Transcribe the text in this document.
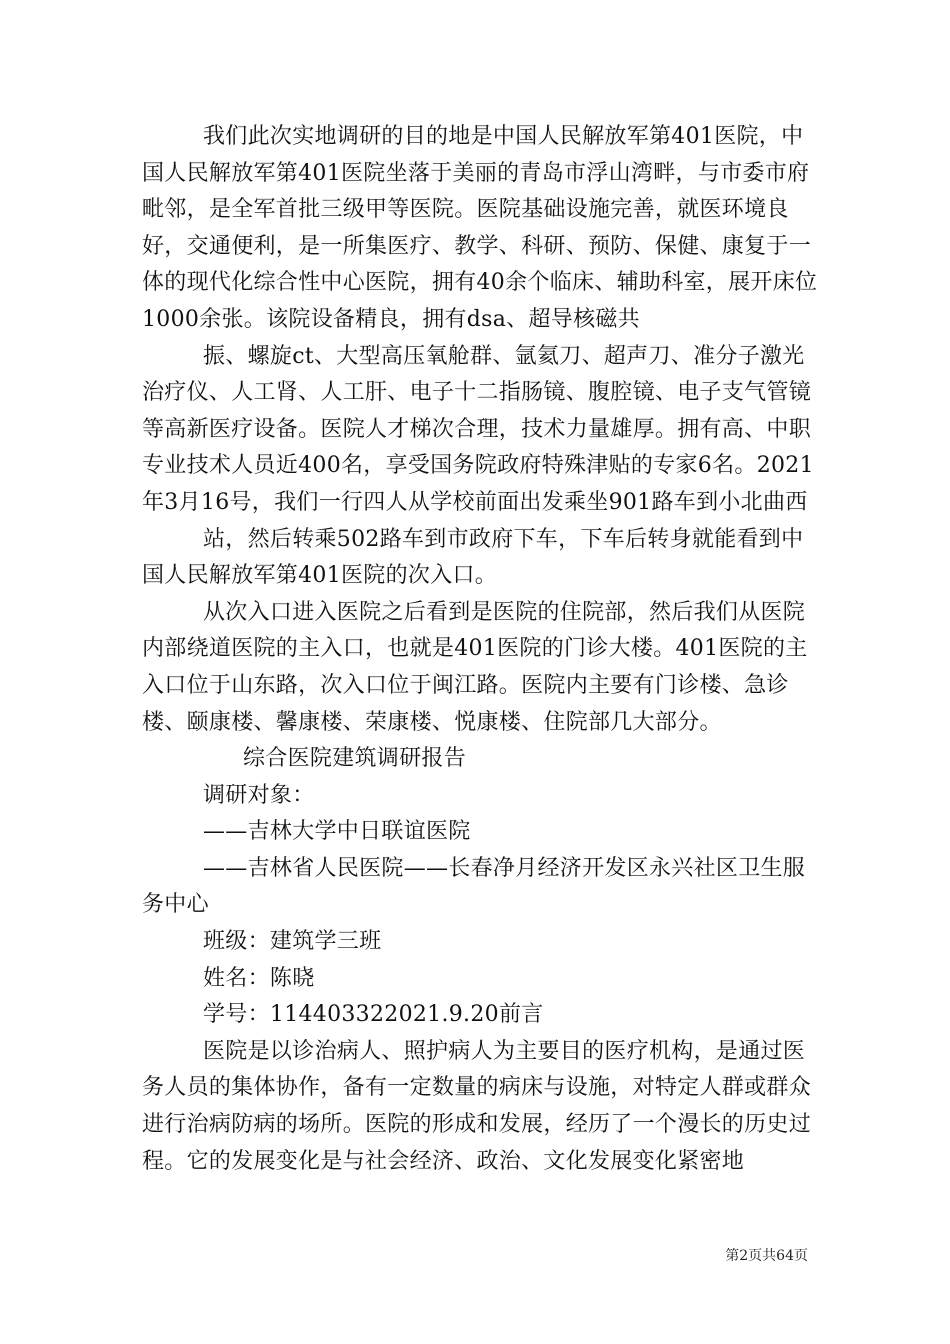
我们此次实地调研的目的地是中国人民解放军第401医院，中国人民解放军第401医院坐落于美丽的青岛市浮山湾畔，与市委市府毗邻，是全军首批三级甲等医院。医院基础设施完善，就医环境良好，交通便利，是一所集医疗、教学、科研、预防、保健、康复于一体的现代化综合性中心医院，拥有40余个临床、辅助科室，展开床位1000余张。该院设备精良，拥有dsa、超导核磁共

振、螺旋ct、大型高压氧舱群、氩氦刀、超声刀、准分子激光治疗仪、人工肾、人工肝、电子十二指肠镜、腹腔镜、电子支气管镜等高新医疗设备。医院人才梯次合理，技术力量雄厚。拥有高、中职专业技术人员近400名，享受国务院政府特殊津贴的专家6名。2021年3月16号，我们一行四人从学校前面出发乘坐901路车到小北曲西

站，然后转乘502路车到市政府下车，下车后转身就能看到中国人民解放军第401医院的次入口。

从次入口进入医院之后看到是医院的住院部，然后我们从医院内部绕道医院的主入口，也就是401医院的门诊大楼。401医院的主入口位于山东路，次入口位于闽江路。医院内主要有门诊楼、急诊楼、颐康楼、馨康楼、荣康楼、悦康楼、住院部几大部分。

综合医院建筑调研报告

调研对象：

——吉林大学中日联谊医院

——吉林省人民医院——长春净月经济开发区永兴社区卫生服务中心

班级：建筑学三班

姓名：陈晓

学号：114403322021.9.20前言

医院是以诊治病人、照护病人为主要目的医疗机构，是通过医务人员的集体协作，备有一定数量的病床与设施，对特定人群或群众进行治病防病的场所。医院的形成和发展，经历了一个漫长的历史过程。它的发展变化是与社会经济、政治、文化发展变化紧密地

第2页共64页
